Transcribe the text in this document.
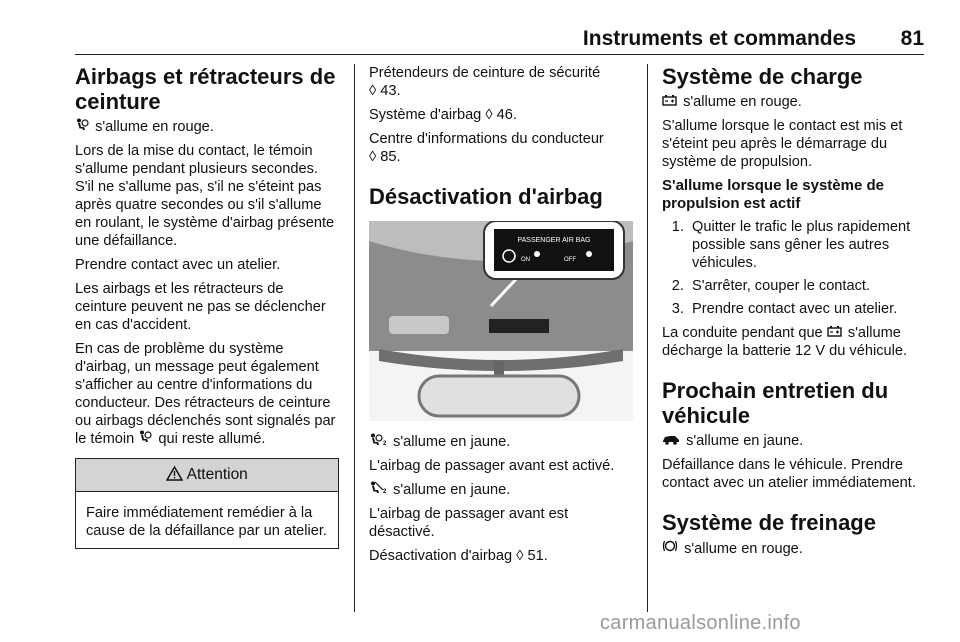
Instruments et commandes 81
Airbags et rétracteurs de ceinture

s'allume en rouge.

Lors de la mise du contact, le témoin s'allume pendant plusieurs secondes. S'il ne s'allume pas, s'il ne s'éteint pas après quatre secondes ou s'il s'allume en roulant, le système d'airbag présente une défaillance.

Prendre contact avec un atelier.

Les airbags et les rétracteurs de ceinture peuvent ne pas se déclencher en cas d'accident.

En cas de problème du système d'airbag, un message peut également s'afficher au centre d'informations du conducteur. Des rétracteurs de ceinture ou airbags déclenchés sont signalés par le témoin qui reste allumé.

Attention
Faire immédiatement remédier à la cause de la défaillance par un atelier.

Prétendeurs de ceinture de sécurité
◊ 43.

Système d'airbag ◊ 46.

Centre d'informations du conducteur
◊ 85.

Désactivation d'airbag
PASSENGER AIR BAG
ON	OFF

2 s'allume en jaune.

L'airbag de passager avant est activé.

2 s'allume en jaune.

L'airbag de passager avant est désactivé.

Désactivation d'airbag ◊ 51.

Système de charge

s'allume en rouge.

S'allume lorsque le contact est mis et s'éteint peu après le démarrage du système de propulsion.

S'allume lorsque le système de propulsion est actif
1. Quitter le trafic le plus rapidement possible sans gêner les autres véhicules.
2. S'arrêter, couper le contact.
3. Prendre contact avec un atelier.

La conduite pendant que s'allume décharge la batterie 12 V du véhicule.

Prochain entretien du véhicule

s'allume en jaune.

Défaillance dans le véhicule. Prendre contact avec un atelier immédiatement.

Système de freinage

s'allume en rouge.

carmanualsonline.info
